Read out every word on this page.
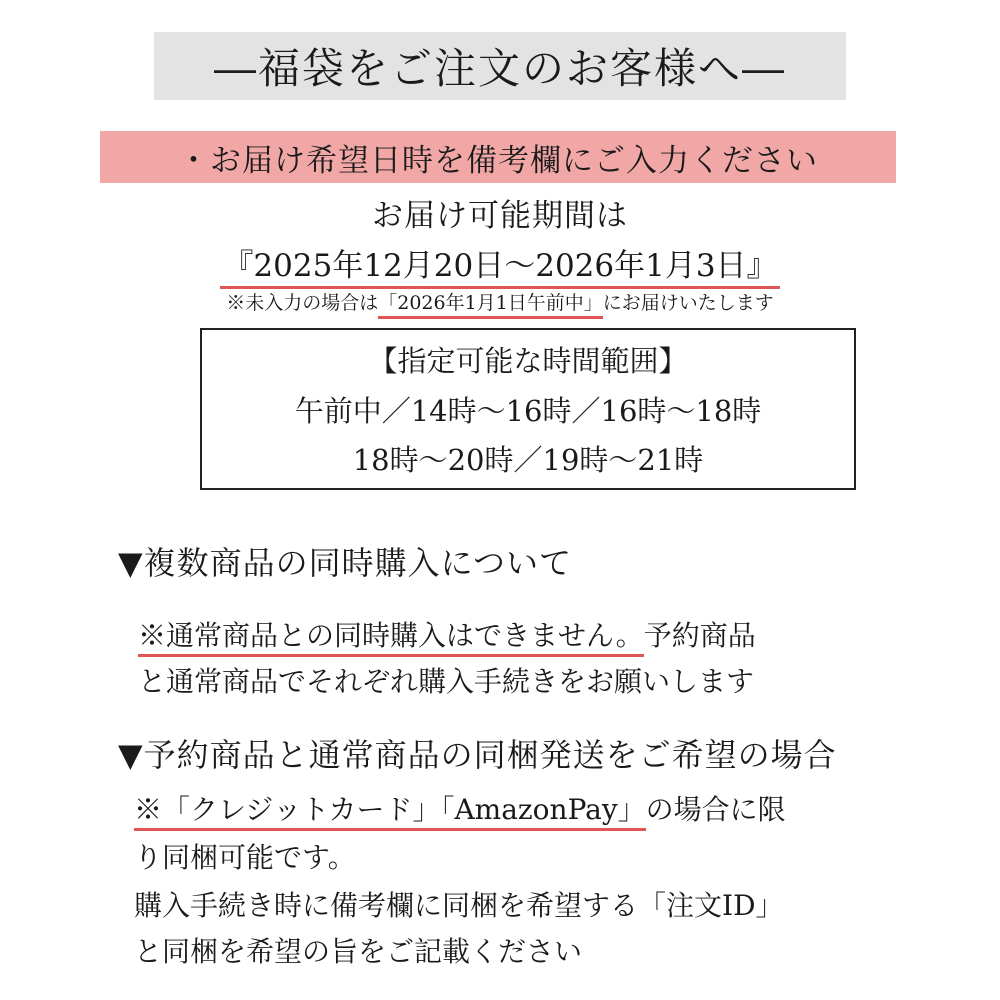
―福袋をご注文のお客様へ―
・お届け希望日時を備考欄にご入力ください
お届け可能期間は
『2025年12月20日～2026年1月3日』
※未入力の場合は「2026年1月1日午前中」にお届けいたします
【指定可能な時間範囲】
午前中／14時～16時／16時～18時
18時～20時／19時～21時
▼複数商品の同時購入について
※通常商品との同時購入はできません。予約商品
と通常商品でそれぞれ購入手続きをお願いします
▼予約商品と通常商品の同梱発送をご希望の場合
※「クレジットカード」「AmazonPay」の場合に限
り同梱可能です。
購入手続き時に備考欄に同梱を希望する「注文ID」
と同梱を希望の旨をご記載ください
